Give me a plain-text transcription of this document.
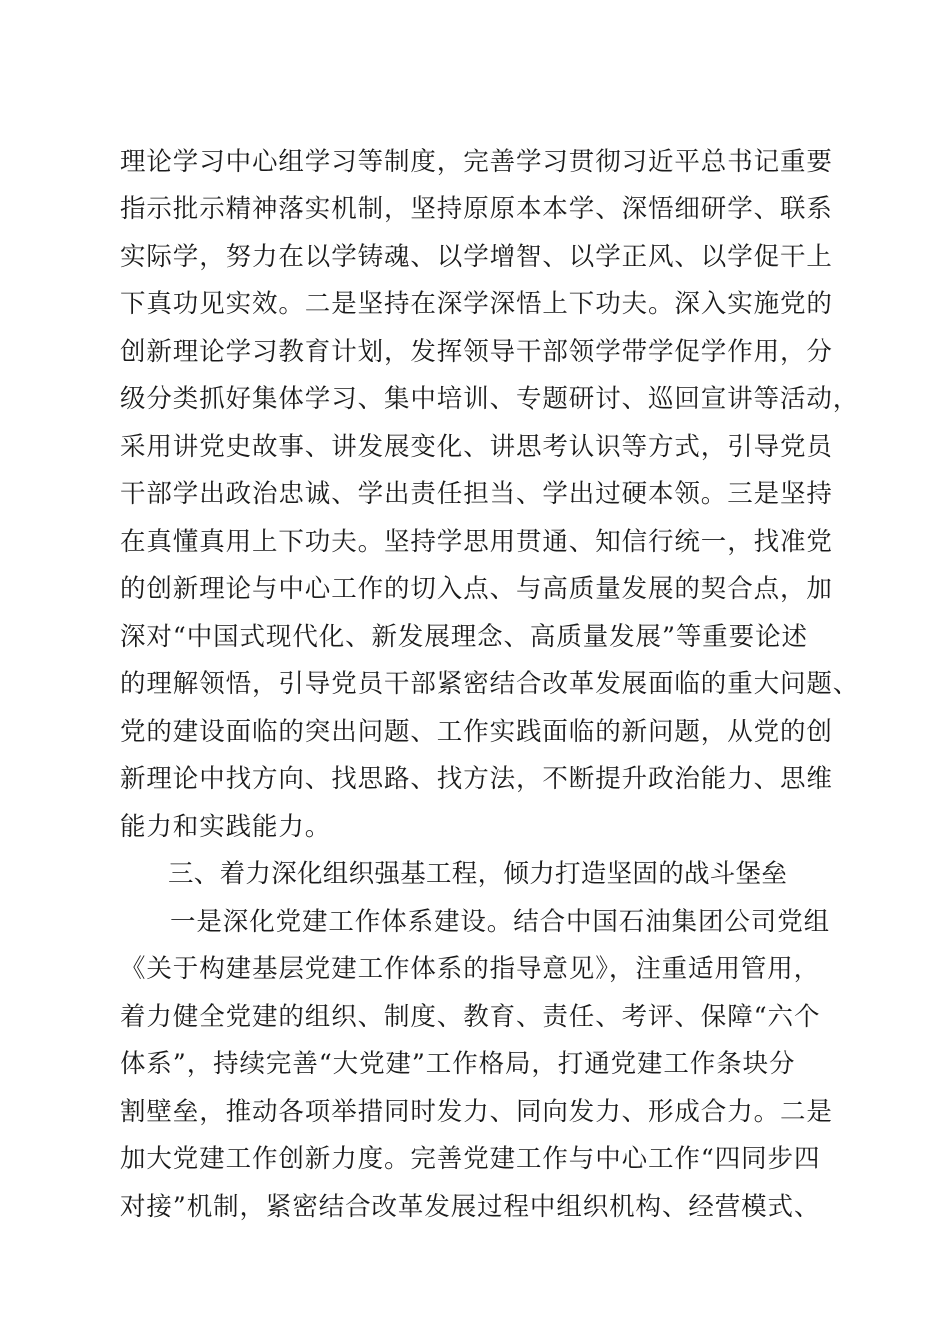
理论学习中心组学习等制度，完善学习贯彻习近平总书记重要
指示批示精神落实机制，坚持原原本本学、深悟细研学、联系
实际学，努力在以学铸魂、以学增智、以学正风、以学促干上
下真功见实效。二是坚持在深学深悟上下功夫。深入实施党的
创新理论学习教育计划，发挥领导干部领学带学促学作用，分
级分类抓好集体学习、集中培训、专题研讨、巡回宣讲等活动，
采用讲党史故事、讲发展变化、讲思考认识等方式，引导党员
干部学出政治忠诚、学出责任担当、学出过硬本领。三是坚持
在真懂真用上下功夫。坚持学思用贯通、知信行统一，找准党
的创新理论与中心工作的切入点、与高质量发展的契合点，加
深对“中国式现代化、新发展理念、高质量发展”等重要论述
的理解领悟，引导党员干部紧密结合改革发展面临的重大问题、
党的建设面临的突出问题、工作实践面临的新问题，从党的创
新理论中找方向、找思路、找方法，不断提升政治能力、思维
能力和实践能力。
三、着力深化组织强基工程，倾力打造坚固的战斗堡垒
一是深化党建工作体系建设。结合中国石油集团公司党组
《关于构建基层党建工作体系的指导意见》，注重适用管用，
着力健全党建的组织、制度、教育、责任、考评、保障“六个
体系”，持续完善“大党建”工作格局，打通党建工作条块分
割壁垒，推动各项举措同时发力、同向发力、形成合力。二是
加大党建工作创新力度。完善党建工作与中心工作“四同步四
对接”机制，紧密结合改革发展过程中组织机构、经营模式、
